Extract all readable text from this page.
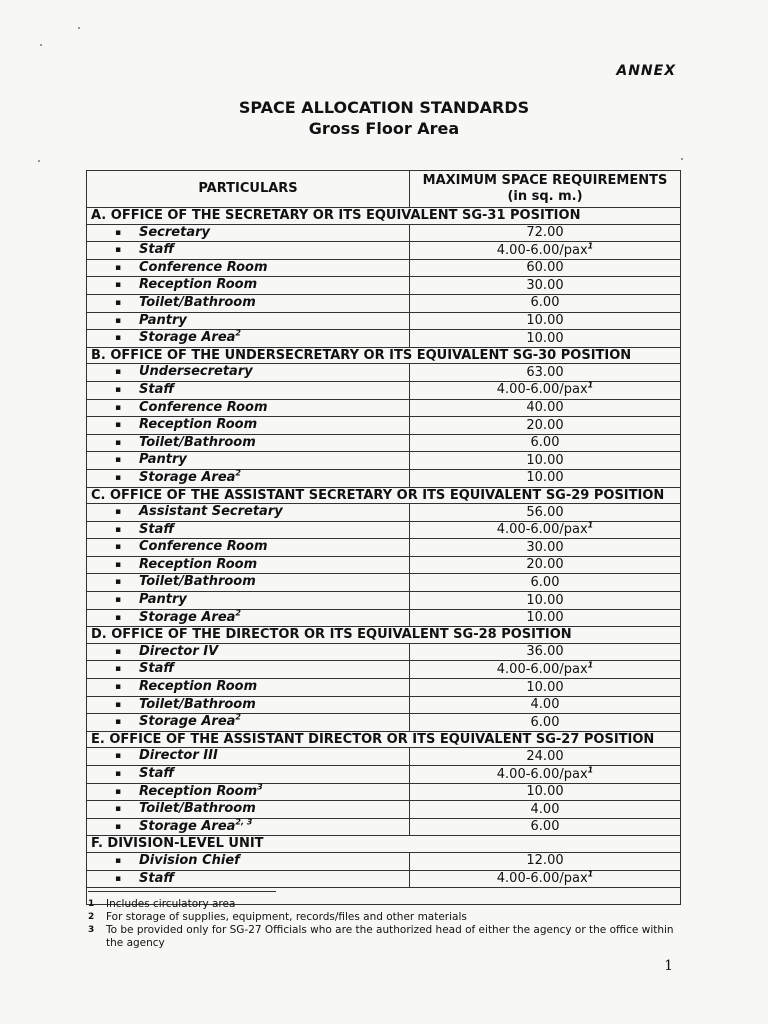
ANNEX
SPACE ALLOCATION STANDARDS
Gross Floor Area
PARTICULARS	MAXIMUM SPACE REQUIREMENTS (in sq. m.)
A. OFFICE OF THE SECRETARY OR ITS EQUIVALENT SG-31 POSITION	
▪ Secretary	72.00
▪ Staff	4.00-6.00/pax$^1$
▪ Conference Room	60.00
▪ Reception Room	30.00
▪ Toilet/Bathroom	6.00
▪ Pantry	10.00
▪ Storage Area$^2$	10.00
B. OFFICE OF THE UNDERSECRETARY OR ITS EQUIVALENT SG-30 POSITION	
▪ Undersecretary	63.00
▪ Staff	4.00-6.00/pax$^1$
▪ Conference Room	40.00
▪ Reception Room	20.00
▪ Toilet/Bathroom	6.00
▪ Pantry	10.00
▪ Storage Area$^2$	10.00
C. OFFICE OF THE ASSISTANT SECRETARY OR ITS EQUIVALENT SG-29 POSITION	
▪ Assistant Secretary	56.00
▪ Staff	4.00-6.00/pax$^1$
▪ Conference Room	30.00
▪ Reception Room	20.00
▪ Toilet/Bathroom	6.00
▪ Pantry	10.00
▪ Storage Area$^2$	10.00
D. OFFICE OF THE DIRECTOR OR ITS EQUIVALENT SG-28 POSITION	
▪ Director IV	36.00
▪ Staff	4.00-6.00/pax$^1$
▪ Reception Room	10.00
▪ Toilet/Bathroom	4.00
▪ Storage Area$^2$	6.00
E. OFFICE OF THE ASSISTANT DIRECTOR OR ITS EQUIVALENT SG-27 POSITION	
▪ Director III	24.00
▪ Staff	4.00-6.00/pax$^1$
▪ Reception Room$^3$	10.00
▪ Toilet/Bathroom	4.00
▪ Storage Area$^{2, 3}$	6.00
F. DIVISION-LEVEL UNIT	
▪ Division Chief	12.00
▪ Staff	4.00-6.00/pax$^1$

1	Includes circulatory area
2	For storage of supplies, equipment, records/files and other materials
3	To be provided only for SG-27 Officials who are the authorized head of either the agency or the office within the agency
1
